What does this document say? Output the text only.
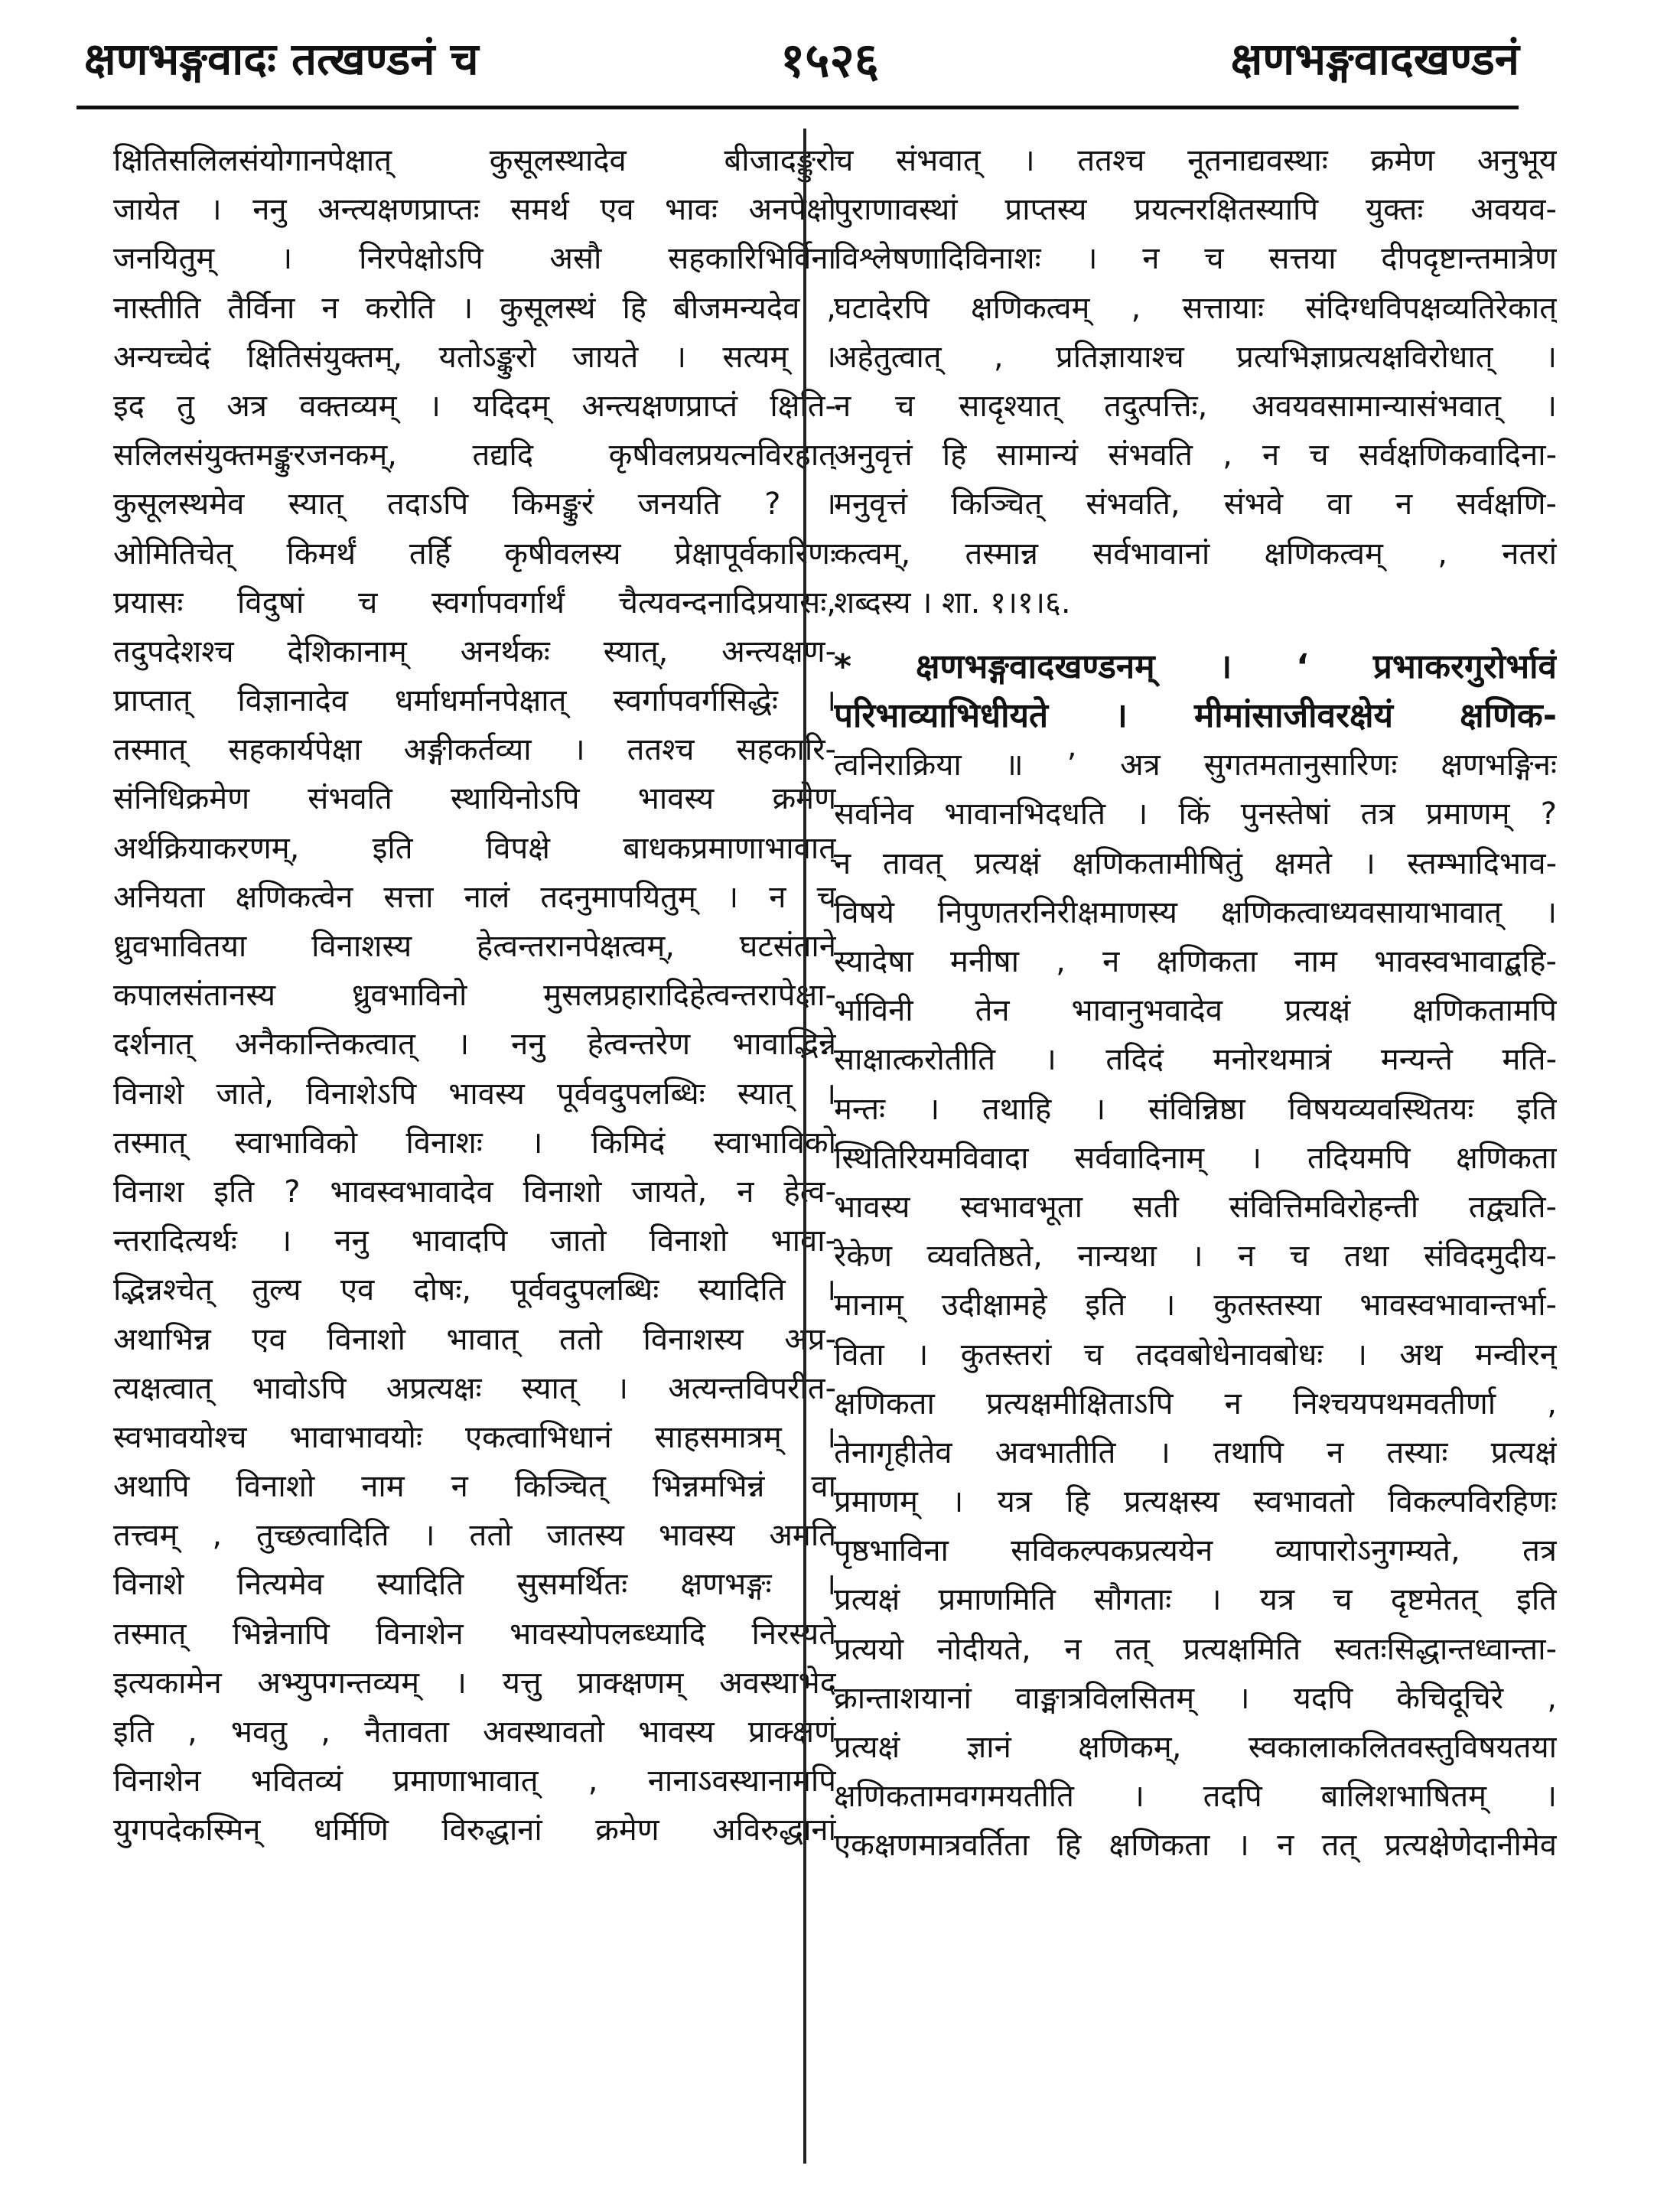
क्षणभङ्गवादः तत्खण्डनं च	१५२६	क्षणभङ्गवादखण्डनं
क्षितिसलिलसंयोगानपेक्षात् कुसूलस्थादेव बीजादङ्कुरो
जायेत । ननु अन्त्यक्षणप्राप्तः समर्थ एव भावः अनपेक्षो
जनयितुम् । निरपेक्षोऽपि असौ सहकारिभिर्विना
नास्तीति तैर्विना न करोति । कुसूलस्थं हि बीजमन्यदेव ,
अन्यच्चेदं क्षितिसंयुक्तम्, यतोऽङ्कुरो जायते । सत्यम् ।
इद तु अत्र वक्तव्यम् । यदिदम् अन्त्यक्षणप्राप्तं क्षिति-
सलिलसंयुक्तमङ्कुरजनकम्, तद्यदि कृषीवलप्रयत्नविरहात्
कुसूलस्थमेव स्यात् तदाऽपि किमङ्कुरं जनयति ? ।
ओमितिचेत् किमर्थं तर्हि कृषीवलस्य प्रेक्षापूर्वकारिणः
प्रयासः विदुषां च स्वर्गापवर्गार्थं चैत्यवन्दनादिप्रयासः,
तदुपदेशश्च देशिकानाम् अनर्थकः स्यात्, अन्त्यक्षण-
प्राप्तात् विज्ञानादेव धर्माधर्मानपेक्षात् स्वर्गापवर्गसिद्धेः ।
तस्मात् सहकार्यपेक्षा अङ्गीकर्तव्या । ततश्च सहकारि-
संनिधिक्रमेण संभवति स्थायिनोऽपि भावस्य क्रमेण
अर्थक्रियाकरणम्, इति विपक्षे बाधकप्रमाणाभावात्
अनियता क्षणिकत्वेन सत्ता नालं तदनुमापयितुम् । न च
ध्रुवभावितया विनाशस्य हेत्वन्तरानपेक्षत्वम्, घटसंताने
कपालसंतानस्य ध्रुवभाविनो मुसलप्रहारादिहेत्वन्तरापेक्षा-
दर्शनात् अनैकान्तिकत्वात् । ननु हेत्वन्तरेण भावाद्भिन्ने
विनाशे जाते, विनाशेऽपि भावस्य पूर्ववदुपलब्धिः स्यात् ।
तस्मात् स्वाभाविको विनाशः । किमिदं स्वाभाविको
विनाश इति ? भावस्वभावादेव विनाशो जायते, न हेत्व-
न्तरादित्यर्थः । ननु भावादपि जातो विनाशो भावा-
द्भिन्नश्चेत् तुल्य एव दोषः, पूर्ववदुपलब्धिः स्यादिति ।
अथाभिन्न एव विनाशो भावात् ततो विनाशस्य अप्र-
त्यक्षत्वात् भावोऽपि अप्रत्यक्षः स्यात् । अत्यन्तविपरीत-
स्वभावयोश्च भावाभावयोः एकत्वाभिधानं साहसमात्रम् ।
अथापि विनाशो नाम न किञ्चित् भिन्नमभिन्नं वा
तत्त्वम् , तुच्छत्वादिति । ततो जातस्य भावस्य अमति
विनाशे नित्यमेव स्यादिति सुसमर्थितः क्षणभङ्गः ।
तस्मात् भिन्नेनापि विनाशेन भावस्योपलब्ध्यादि निरस्यते
इत्यकामेन अभ्युपगन्तव्यम् । यत्तु प्राक्क्षणम् अवस्थाभेद
इति , भवतु , नैतावता अवस्थावतो भावस्य प्राक्क्षणं
विनाशेन भवितव्यं प्रमाणाभावात् , नानाऽवस्थानामपि
युगपदेकस्मिन् धर्मिणि विरुद्धानां क्रमेण अविरुद्धानां
च संभवात् । ततश्च नूतनाद्यवस्थाः क्रमेण अनुभूय
पुराणावस्थां प्राप्तस्य प्रयत्नरक्षितस्यापि युक्तः अवयव-
विश्लेषणादिविनाशः । न च सत्तया दीपदृष्टान्तमात्रेण
घटादेरपि क्षणिकत्वम् , सत्तायाः संदिग्धविपक्षव्यतिरेकात्
अहेतुत्वात् , प्रतिज्ञायाश्च प्रत्यभिज्ञाप्रत्यक्षविरोधात् ।
न च सादृश्यात् तदुत्पत्तिः, अवयवसामान्यासंभवात् ।
अनुवृत्तं हि सामान्यं संभवति , न च सर्वक्षणिकवादिना-
मनुवृत्तं किञ्चित् संभवति, संभवे वा न सर्वक्षणि-
कत्वम्, तस्मान्न सर्वभावानां क्षणिकत्वम् , नतरां
शब्दस्य । शा. १।१।६.
* क्षणभङ्गवादखण्डनम् । ‘ प्रभाकरगुरोर्भावं
परिभाव्याभिधीयते । मीमांसाजीवरक्षेयं क्षणिक-
त्वनिराक्रिया ॥ ’ अत्र सुगतमतानुसारिणः क्षणभङ्गिनः
सर्वानेव भावानभिदधति । किं पुनस्तेषां तत्र प्रमाणम् ?
न तावत् प्रत्यक्षं क्षणिकतामीषितुं क्षमते । स्तम्भादिभाव-
विषये निपुणतरनिरीक्षमाणस्य क्षणिकत्वाध्यवसायाभावात् ।
स्यादेषा मनीषा , न क्षणिकता नाम भावस्वभावाद्बहि-
र्भाविनी तेन भावानुभवादेव प्रत्यक्षं क्षणिकतामपि
साक्षात्करोतीति । तदिदं मनोरथमात्रं मन्यन्ते मति-
मन्तः । तथाहि । संविन्निष्ठा विषयव्यवस्थितयः इति
स्थितिरियमविवादा सर्ववादिनाम् । तदियमपि क्षणिकता
भावस्य स्वभावभूता सती संवित्तिमविरोहन्ती तद्व्यति-
रेकेण व्यवतिष्ठते, नान्यथा । न च तथा संविदमुदीय-
मानाम् उदीक्षामहे इति । कुतस्तस्या भावस्वभावान्तर्भा-
विता । कुतस्तरां च तदवबोधेनावबोधः । अथ मन्वीरन्
क्षणिकता प्रत्यक्षमीक्षिताऽपि न निश्चयपथमवतीर्णा ,
तेनागृहीतेव अवभातीति । तथापि न तस्याः प्रत्यक्षं
प्रमाणम् । यत्र हि प्रत्यक्षस्य स्वभावतो विकल्पविरहिणः
पृष्ठभाविना सविकल्पकप्रत्ययेन व्यापारोऽनुगम्यते, तत्र
प्रत्यक्षं प्रमाणमिति सौगताः । यत्र च दृष्टमेतत् इति
प्रत्ययो नोदीयते, न तत् प्रत्यक्षमिति स्वतःसिद्धान्तध्वान्ता-
क्रान्ताशयानां वाङ्मात्रविलसितम् । यदपि केचिदूचिरे ,
प्रत्यक्षं ज्ञानं क्षणिकम्, स्वकालाकलितवस्तुविषयतया
क्षणिकतामवगमयतीति । तदपि बालिशभाषितम् ।
एकक्षणमात्रवर्तिता हि क्षणिकता । न तत् प्रत्यक्षेणेदानीमेव
